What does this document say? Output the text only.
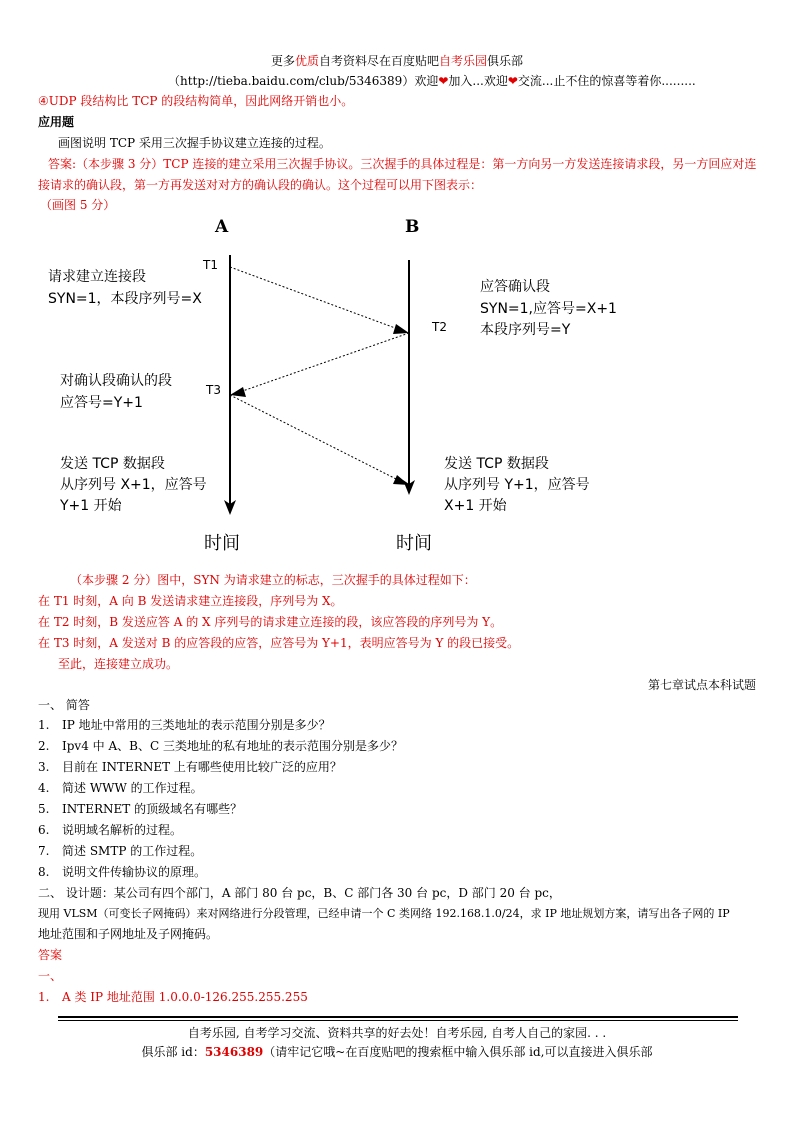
更多优质自考资料尽在百度贴吧自考乐园俱乐部
（http://tieba.baidu.com/club/5346389）欢迎❤加入...欢迎❤交流...止不住的惊喜等着你.........
④UDP 段结构比 TCP 的段结构简单，因此网络开销也小。
应用题
画图说明 TCP 采用三次握手协议建立连接的过程。
答案:（本步骤 3 分）TCP 连接的建立采用三次握手协议。三次握手的具体过程是：第一方向另一方发送连接请求段，另一方回应对连
接请求的确认段，第一方再发送对对方的确认段的确认。这个过程可以用下图表示：
（画图 5 分）
A	B
T1
T2
T3
请求建立连接段
SYN=1，本段序列号=X
应答确认段
SYN=1,应答号=X+1
本段序列号=Y
对确认段确认的段
应答号=Y+1
发送 TCP 数据段
从序列号 X+1，应答号
Y+1 开始
发送 TCP 数据段
从序列号 Y+1，应答号
X+1 开始
时间	时间
（本步骤 2 分）图中，SYN 为请求建立的标志，三次握手的具体过程如下：
在 T1 时刻，A 向 B 发送请求建立连接段，序列号为 X。
在 T2 时刻，B 发送应答 A 的 X 序列号的请求建立连接的段，该应答段的序列号为 Y。
在 T3 时刻，A 发送对 B 的应答段的应答，应答号为 Y+1，表明应答号为 Y 的段已接受。
至此，连接建立成功。
第七章试点本科试题
一、 简答
1. IP 地址中常用的三类地址的表示范围分别是多少？
2. Ipv4 中 A、B、C 三类地址的私有地址的表示范围分别是多少？
3. 目前在 INTERNET 上有哪些使用比较广泛的应用？
4. 简述 WWW 的工作过程。
5. INTERNET 的顶级域名有哪些？
6. 说明域名解析的过程。
7. 简述 SMTP 的工作过程。
8. 说明文件传输协议的原理。
二、 设计题：某公司有四个部门，A 部门 80 台 pc，B、C 部门各 30 台 pc，D 部门 20 台 pc，
现用 VLSM（可变长子网掩码）来对网络进行分段管理，已经申请一个 C 类网络 192.168.1.0/24，求 IP 地址规划方案，请写出各子网的 IP
地址范围和子网地址及子网掩码。
答案
一、
1. A 类 IP 地址范围 1.0.0.0-126.255.255.255
自考乐园, 自考学习交流、资料共享的好去处！自考乐园, 自考人自己的家园. . .
俱乐部 id：5346389（请牢记它哦~在百度贴吧的搜索框中输入俱乐部 id,可以直接进入俱乐部
